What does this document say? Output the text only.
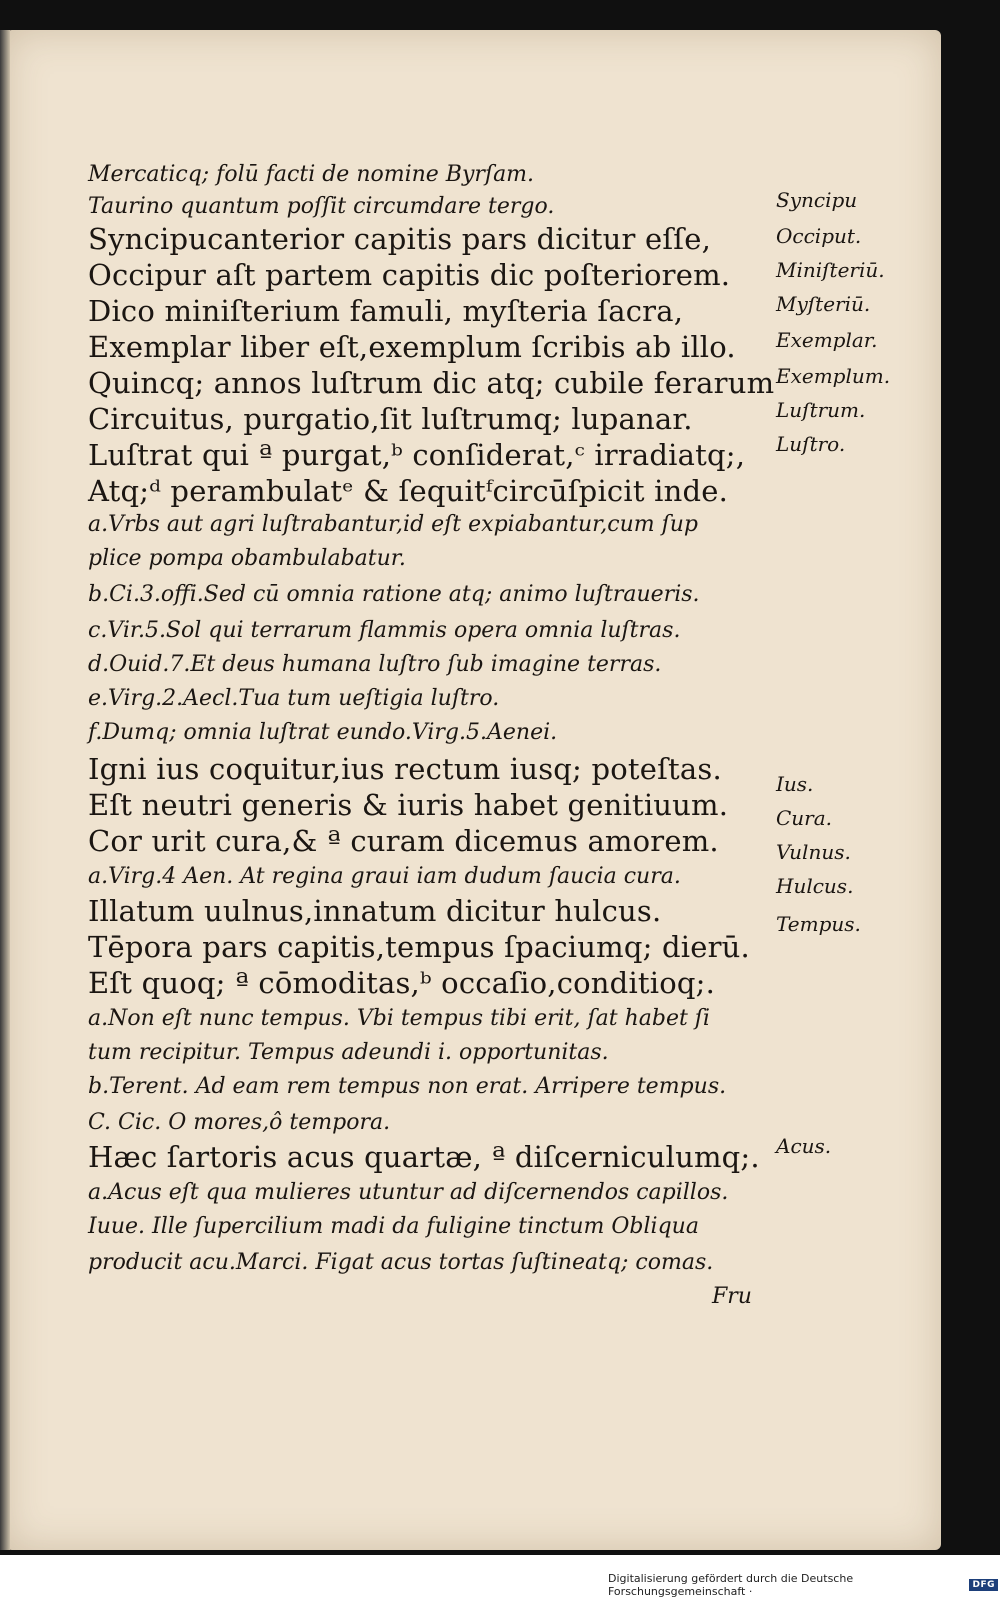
Mercaticq; folū facti de nomine Byrſam.
Taurino quantum poſſit circumdare tergo.
Syncipucanterior capitis pars dicitur eſſe,
Occipur aſt partem capitis dic poſteriorem.
Dico miniſterium famuli, myſteria ſacra,
Exemplar liber eſt,exemplum ſcribis ab illo.
Quincq; annos luſtrum dic atq; cubile ferarum
Circuitus, purgatio,ſit luſtrumq; lupanar.
Luſtrat qui ª purgat,ᵇ conſiderat,ᶜ irradiatq;,
Atq;ᵈ perambulatᵉ & ſequitᶠcircūſpicit inde.
a.Vrbs aut agri luſtrabantur,id eſt expiabantur,cum ſup
plice pompa obambulabatur.
b.Ci.3.offi.Sed cū omnia ratione atq; animo luſtraueris.
c.Vir.5.Sol qui terrarum flammis opera omnia luſtras.
d.Ouid.7.Et deus humana luſtro ſub imagine terras.
e.Virg.2.Aecl.Tua tum ueſtigia luſtro.
f.Dumq; omnia luſtrat eundo.Virg.5.Aenei.
Igni ius coquitur,ius rectum iusq; poteſtas.
Eſt neutri generis & iuris habet genitiuum.
Cor urit cura,& ª curam dicemus amorem.
a.Virg.4 Aen. At regina graui iam dudum ſaucia cura.
Illatum uulnus,innatum dicitur hulcus.
Tēpora pars capitis,tempus ſpaciumq; dierū.
Eſt quoq; ª cōmoditas,ᵇ occaſio,conditioq;.
a.Non eſt nunc tempus. Vbi tempus tibi erit, ſat habet ſi
tum recipitur. Tempus adeundi i. opportunitas.
b.Terent. Ad eam rem tempus non erat. Arripere tempus.
C. Cic. O mores,ô tempora.
Hæc ſartoris acus quartæ, ª diſcerniculumq;.
a.Acus eſt qua mulieres utuntur ad diſcernendos capillos.
Iuue. Ille ſupercilium madi da fuligine tinctum Obliqua
producit acu.Marci. Figat acus tortas ſuſtineatq; comas.
Fru
Syncipu
Occiput.
Miniſteriū.
Myſteriū.
Exemplar.
Exemplum.
Luſtrum.
Luſtro.
Ius.
Cura.
Vulnus.
Hulcus.
Tempus.
Acus.
Digitalisierung gefördert durch die Deutsche Forschungsgemeinschaft ·	DFG
